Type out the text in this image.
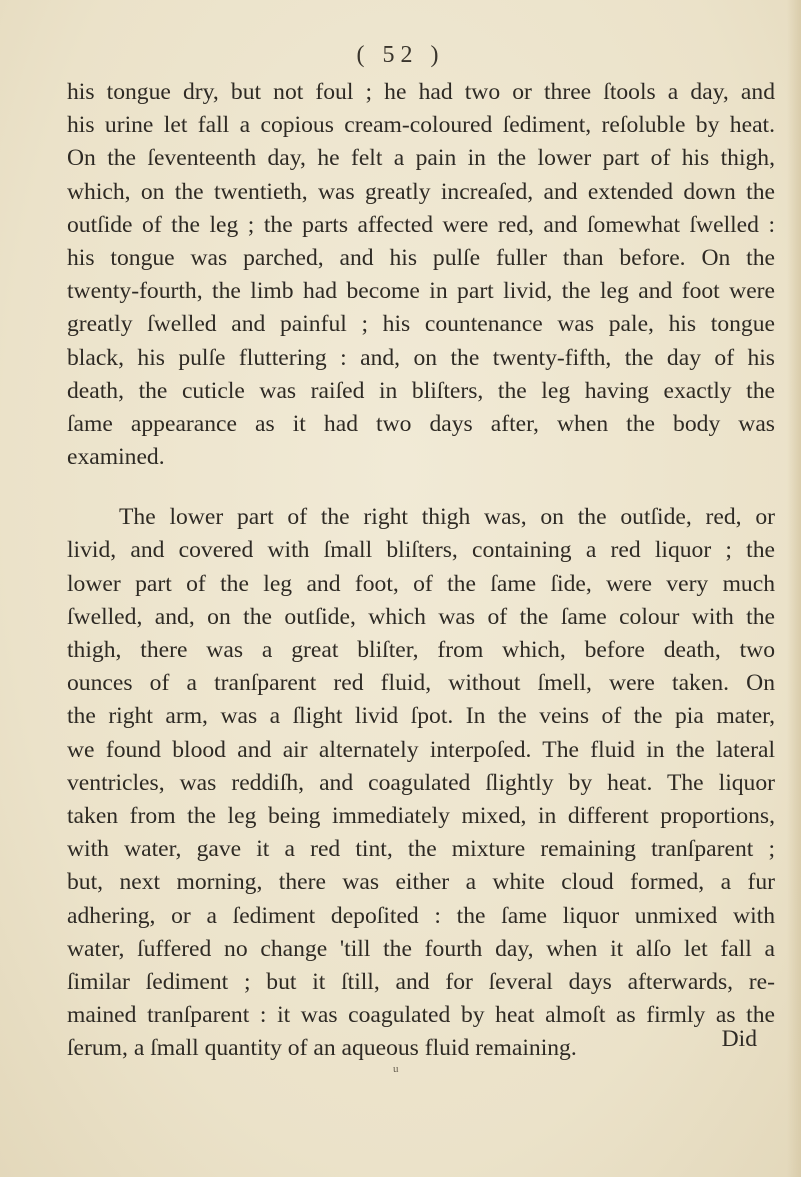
( 52 )
his tongue dry, but not foul ; he had two or three ſtools a day, and
his urine let fall a copious cream-coloured ſediment, reſoluble by heat.
On the ſeventeenth day, he felt a pain in the lower part of his thigh,
which, on the twentieth, was greatly increaſed, and extended down the
outſide of the leg ; the parts affected were red, and ſomewhat ſwelled :
his tongue was parched, and his pulſe fuller than before. On the
twenty-fourth, the limb had become in part livid, the leg and foot were
greatly ſwelled and painful ; his countenance was pale, his tongue
black, his pulſe fluttering : and, on the twenty-fifth, the day of his
death, the cuticle was raiſed in bliſters, the leg having exactly the
ſame appearance as it had two days after, when the body was
examined.
The lower part of the right thigh was, on the outſide, red, or
livid, and covered with ſmall bliſters, containing a red liquor ; the
lower part of the leg and foot, of the ſame ſide, were very much
ſwelled, and, on the outſide, which was of the ſame colour with the
thigh, there was a great bliſter, from which, before death, two
ounces of a tranſparent red fluid, without ſmell, were taken. On
the right arm, was a ſlight livid ſpot. In the veins of the pia mater,
we found blood and air alternately interpoſed. The fluid in the lateral
ventricles, was reddiſh, and coagulated ſlightly by heat. The liquor
taken from the leg being immediately mixed, in different proportions,
with water, gave it a red tint, the mixture remaining tranſparent ;
but, next morning, there was either a white cloud formed, a fur
adhering, or a ſediment depoſited : the ſame liquor unmixed with
water, ſuffered no change 'till the fourth day, when it alſo let fall a
ſimilar ſediment ; but it ſtill, and for ſeveral days afterwards, re-
mained tranſparent : it was coagulated by heat almoſt as firmly as the
ſerum, a ſmall quantity of an aqueous fluid remaining.	Did
u
